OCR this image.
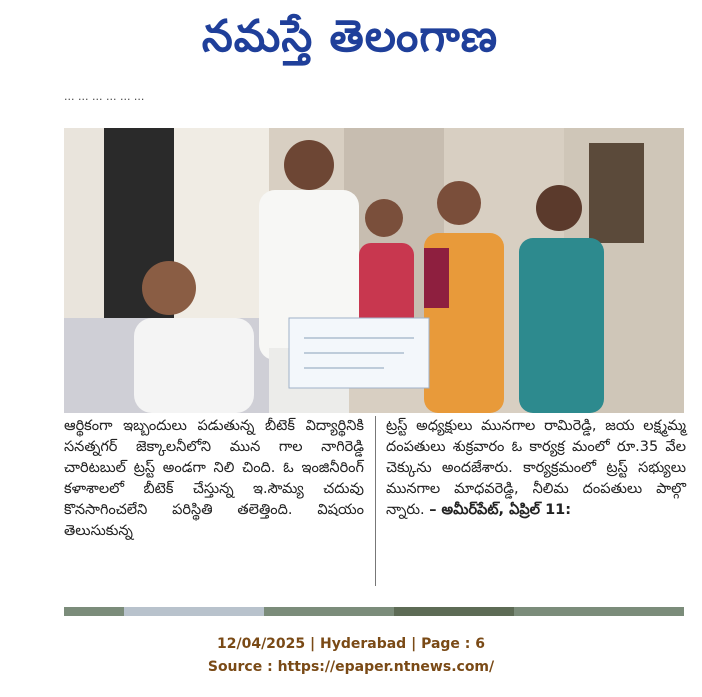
నమస్తే తెలంగాణ
... ... ... ... ... ...
ఆర్థికంగా ఇబ్బందులు పడుతున్న బీటెక్ విద్యార్థినికి సనత్నగర్ జెక్కాలనీలోని మున గాల నాగిరెడ్డి చారిటబుల్ ట్రస్ట్ అండగా నిలి చింది. ఓ ఇంజినీరింగ్ కళాశాలలో బీటెక్ చేస్తున్న ఇ.సౌమ్య చదువు కొనసాగించలేని పరిస్థితి తలెత్తింది. విషయం తెలుసుకున్న
ట్రస్ట్ అధ్యక్షులు మునగాల రామిరెడ్డి, జయ లక్ష్మమ్మ దంపతులు శుక్రవారం ఓ కార్యక్ర మంలో రూ.35 వేల చెక్కును అందజేశారు. కార్యక్రమంలో ట్రస్ట్ సభ్యులు మునగాల మాధవరెడ్డి, నీలిమ దంపతులు పాల్గొ న్నారు. – అమీర్‌పేట్, ఏప్రిల్ 11:
12/04/2025 | Hyderabad | Page : 6
Source : https://epaper.ntnews.com/
